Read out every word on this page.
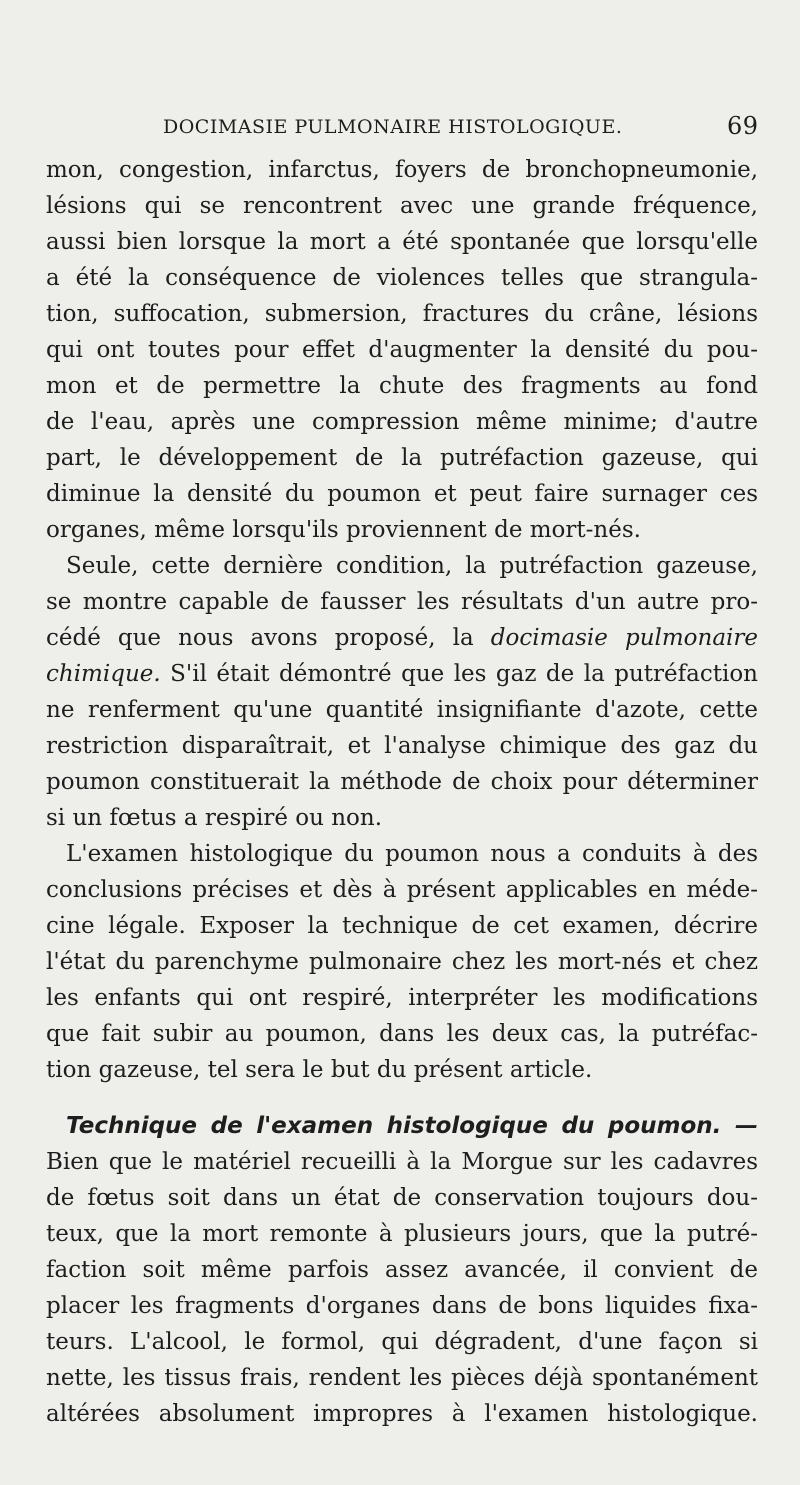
DOCIMASIE PULMONAIRE HISTOLOGIQUE.	69
mon, congestion, infarctus, foyers de bronchopneumonie,
lésions qui se rencontrent avec une grande fréquence,
aussi bien lorsque la mort a été spontanée que lorsqu'elle
a été la conséquence de violences telles que strangula-
tion, suffocation, submersion, fractures du crâne, lésions
qui ont toutes pour effet d'augmenter la densité du pou-
mon et de permettre la chute des fragments au fond
de l'eau, après une compression même minime; d'autre
part, le développement de la putréfaction gazeuse, qui
diminue la densité du poumon et peut faire surnager ces
organes, même lorsqu'ils proviennent de mort-nés.
Seule, cette dernière condition, la putréfaction gazeuse,
se montre capable de fausser les résultats d'un autre pro-
cédé que nous avons proposé, la docimasie pulmonaire
chimique. S'il était démontré que les gaz de la putréfaction
ne renferment qu'une quantité insignifiante d'azote, cette
restriction disparaîtrait, et l'analyse chimique des gaz du
poumon constituerait la méthode de choix pour déterminer
si un fœtus a respiré ou non.
L'examen histologique du poumon nous a conduits à des
conclusions précises et dès à présent applicables en méde-
cine légale. Exposer la technique de cet examen, décrire
l'état du parenchyme pulmonaire chez les mort-nés et chez
les enfants qui ont respiré, interpréter les modifications
que fait subir au poumon, dans les deux cas, la putréfac-
tion gazeuse, tel sera le but du présent article.
Technique de l'examen histologique du poumon. —
Bien que le matériel recueilli à la Morgue sur les cadavres
de fœtus soit dans un état de conservation toujours dou-
teux, que la mort remonte à plusieurs jours, que la putré-
faction soit même parfois assez avancée, il convient de
placer les fragments d'organes dans de bons liquides fixa-
teurs. L'alcool, le formol, qui dégradent, d'une façon si
nette, les tissus frais, rendent les pièces déjà spontanément
altérées absolument impropres à l'examen histologique.
